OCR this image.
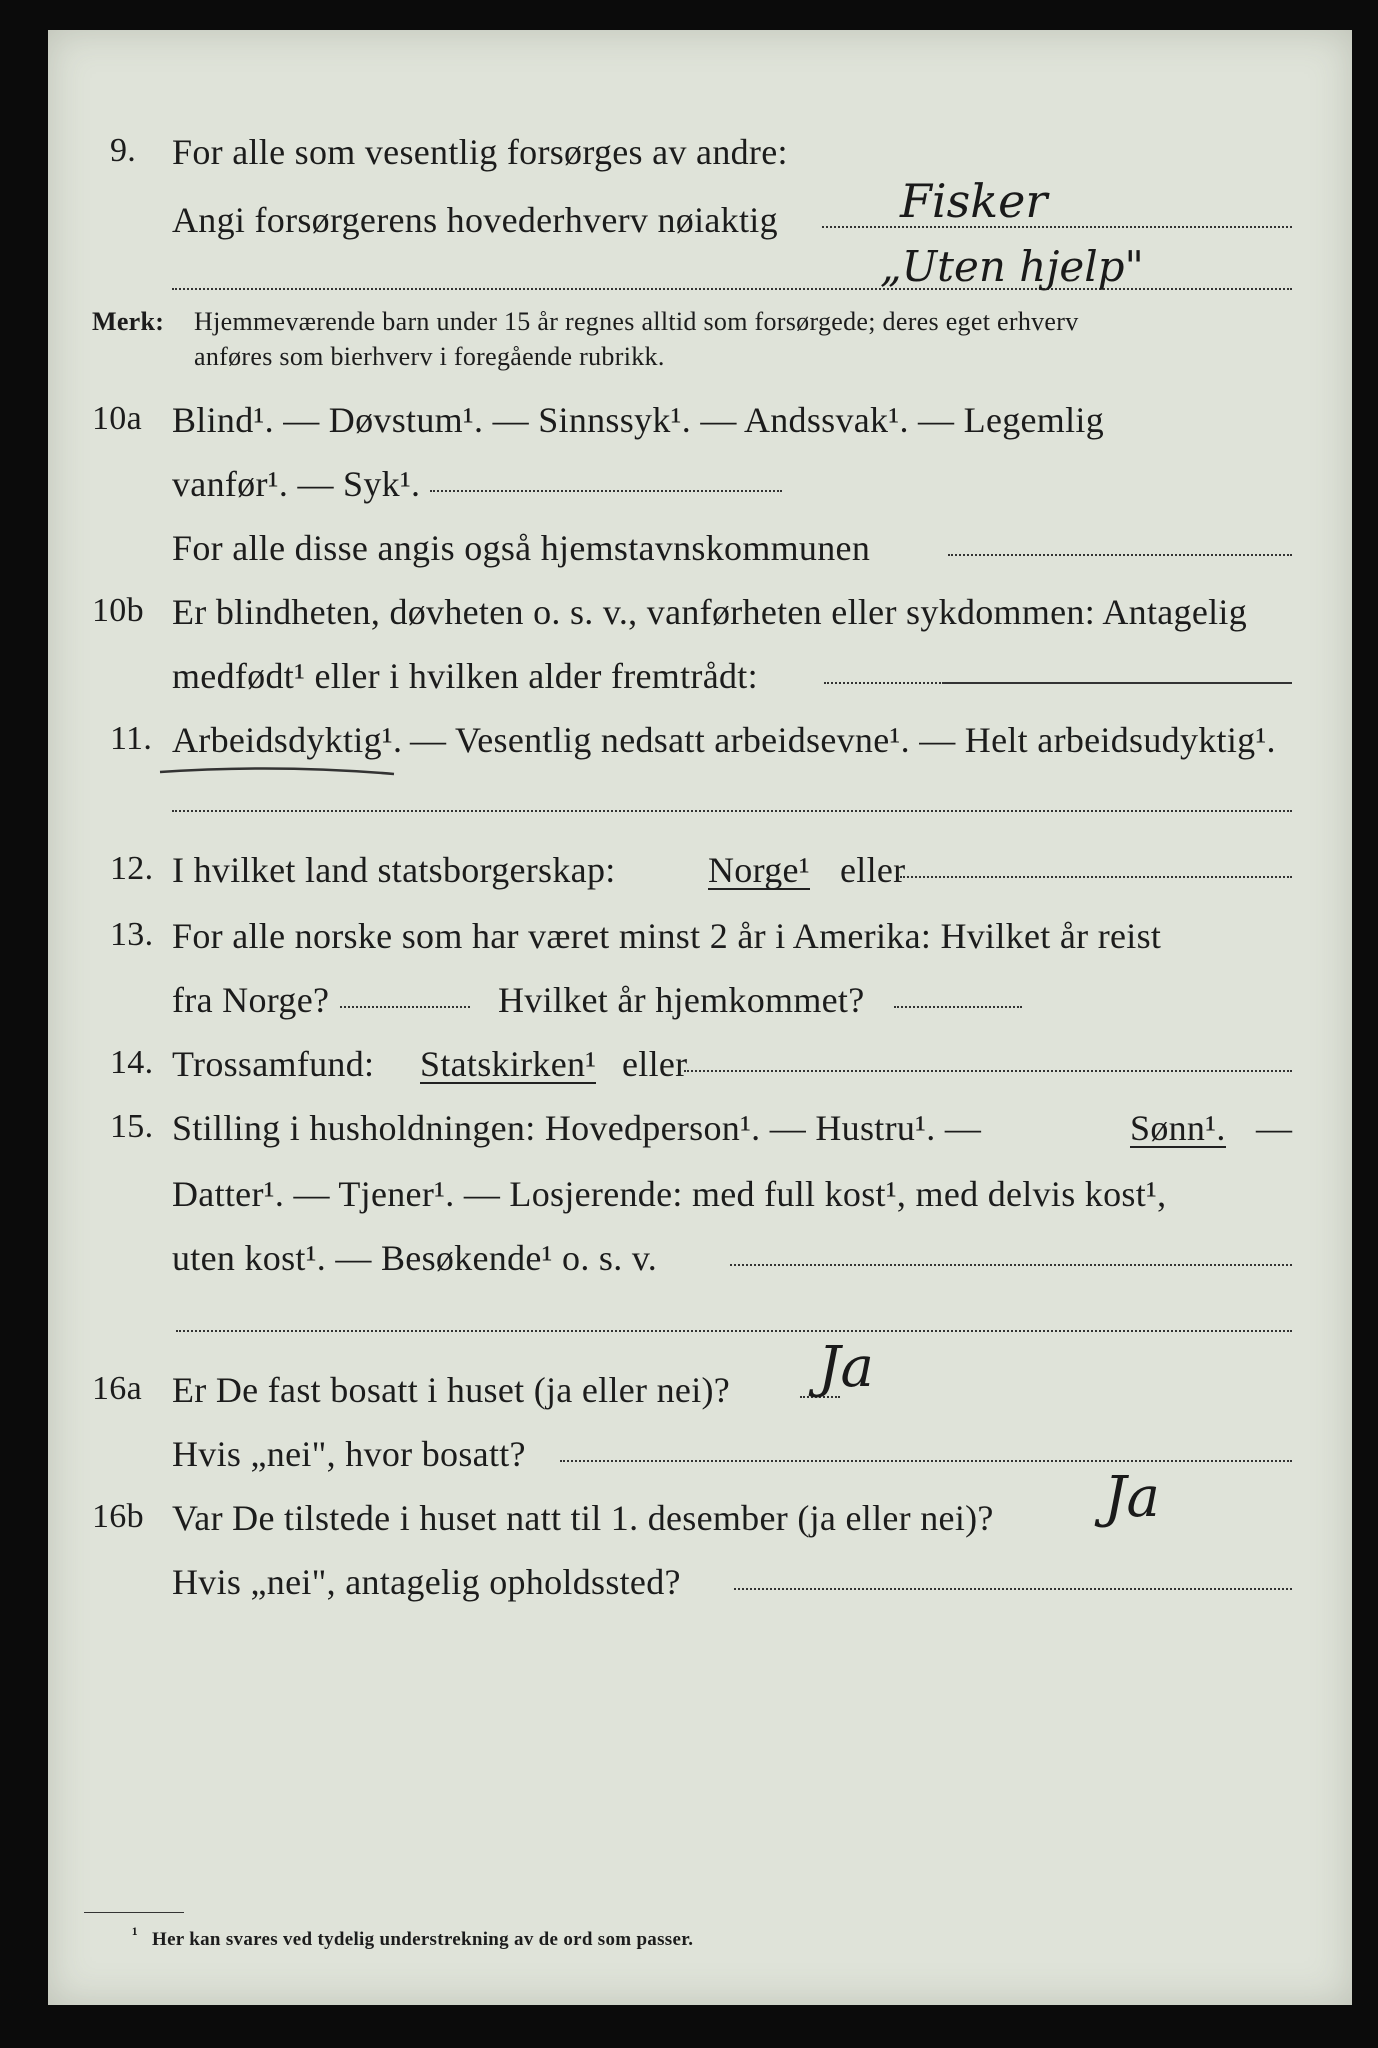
9. For alle som vesentlig forsørges av andre:
Angi forsørgerens hovederhverv nøiaktig	Fisker
„Uten hjelp"
Merk: Hjemmeværende barn under 15 år regnes alltid som forsørgede; deres eget erhverv
anføres som bierhverv i foregående rubrikk.
10a Blind¹. — Døvstum¹. — Sinnssyk¹. — Andssvak¹. — Legemlig
vanfør¹. — Syk¹.
For alle disse angis også hjemstavnskommunen
10b Er blindheten, døvheten o. s. v., vanførheten eller sykdommen: Antagelig
medfødt¹ eller i hvilken alder fremtrådt:
11. Arbeidsdyktig¹. — Vesentlig nedsatt arbeidsevne¹. — Helt arbeidsudyktig¹.
12. I hvilket land statsborgerskap:	Norge¹ eller
13. For alle norske som har været minst 2 år i Amerika: Hvilket år reist
fra Norge?	Hvilket år hjemkommet?
14. Trossamfund: Statskirken¹ eller
15. Stilling i husholdningen: Hovedperson¹. — Hustru¹. —	Sønn¹. —
Datter¹. — Tjener¹. — Losjerende: med full kost¹, med delvis kost¹,
uten kost¹. — Besøkende¹ o. s. v.
16a Er De fast bosatt i huset (ja eller nei)? Ja
Hvis „nei", hvor bosatt?
16b Var De tilstede i huset natt til 1. desember (ja eller nei)? Ja
Hvis „nei", antagelig opholdssted?
¹ Her kan svares ved tydelig understrekning av de ord som passer.
